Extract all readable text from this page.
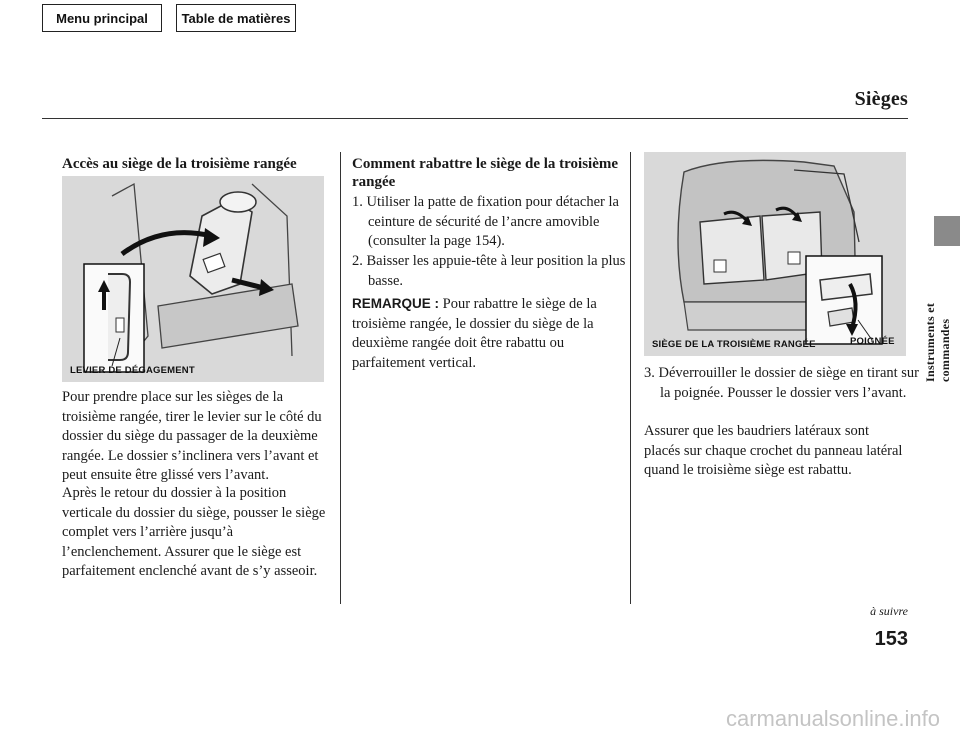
Menu principal	Table de matières
Sièges
Instruments et commandes
Accès au siège de la troisième rangée
LEVIER DE DÉGAGEMENT

Pour prendre place sur les sièges de la troisième rangée, tirer le levier sur le côté du dossier du siège du passager de la deuxième rangée. Le dossier s’inclinera vers l’avant et peut ensuite être glissé vers l’avant.

Après le retour du dossier à la position verticale du dossier du siège, pousser le siège complet vers l’arrière jusqu’à l’enclenchement. Assurer que le siège est parfaitement enclenché avant de s’y asseoir.

Comment rabattre le siège de la troisième rangée

1. Utiliser la patte de fixation pour détacher la ceinture de sécurité de l’ancre amovible (consulter la page 154).

2. Baisser les appuie-tête à leur position la plus basse.

REMARQUE : Pour rabattre le siège de la troisième rangée, le dossier du siège de la deuxième rangée doit être rabattu ou parfaitement vertical.

SIÈGE DE LA TROISIÈME RANGÉE	POIGNÉE

3. Déverrouiller le dossier de siège en tirant sur la poignée. Pousser le dossier vers l’avant.

Assurer que les baudriers latéraux sont placés sur chaque crochet du panneau latéral quand le troisième siège est rabattu.

à suivre
153
carmanualsonline.info
